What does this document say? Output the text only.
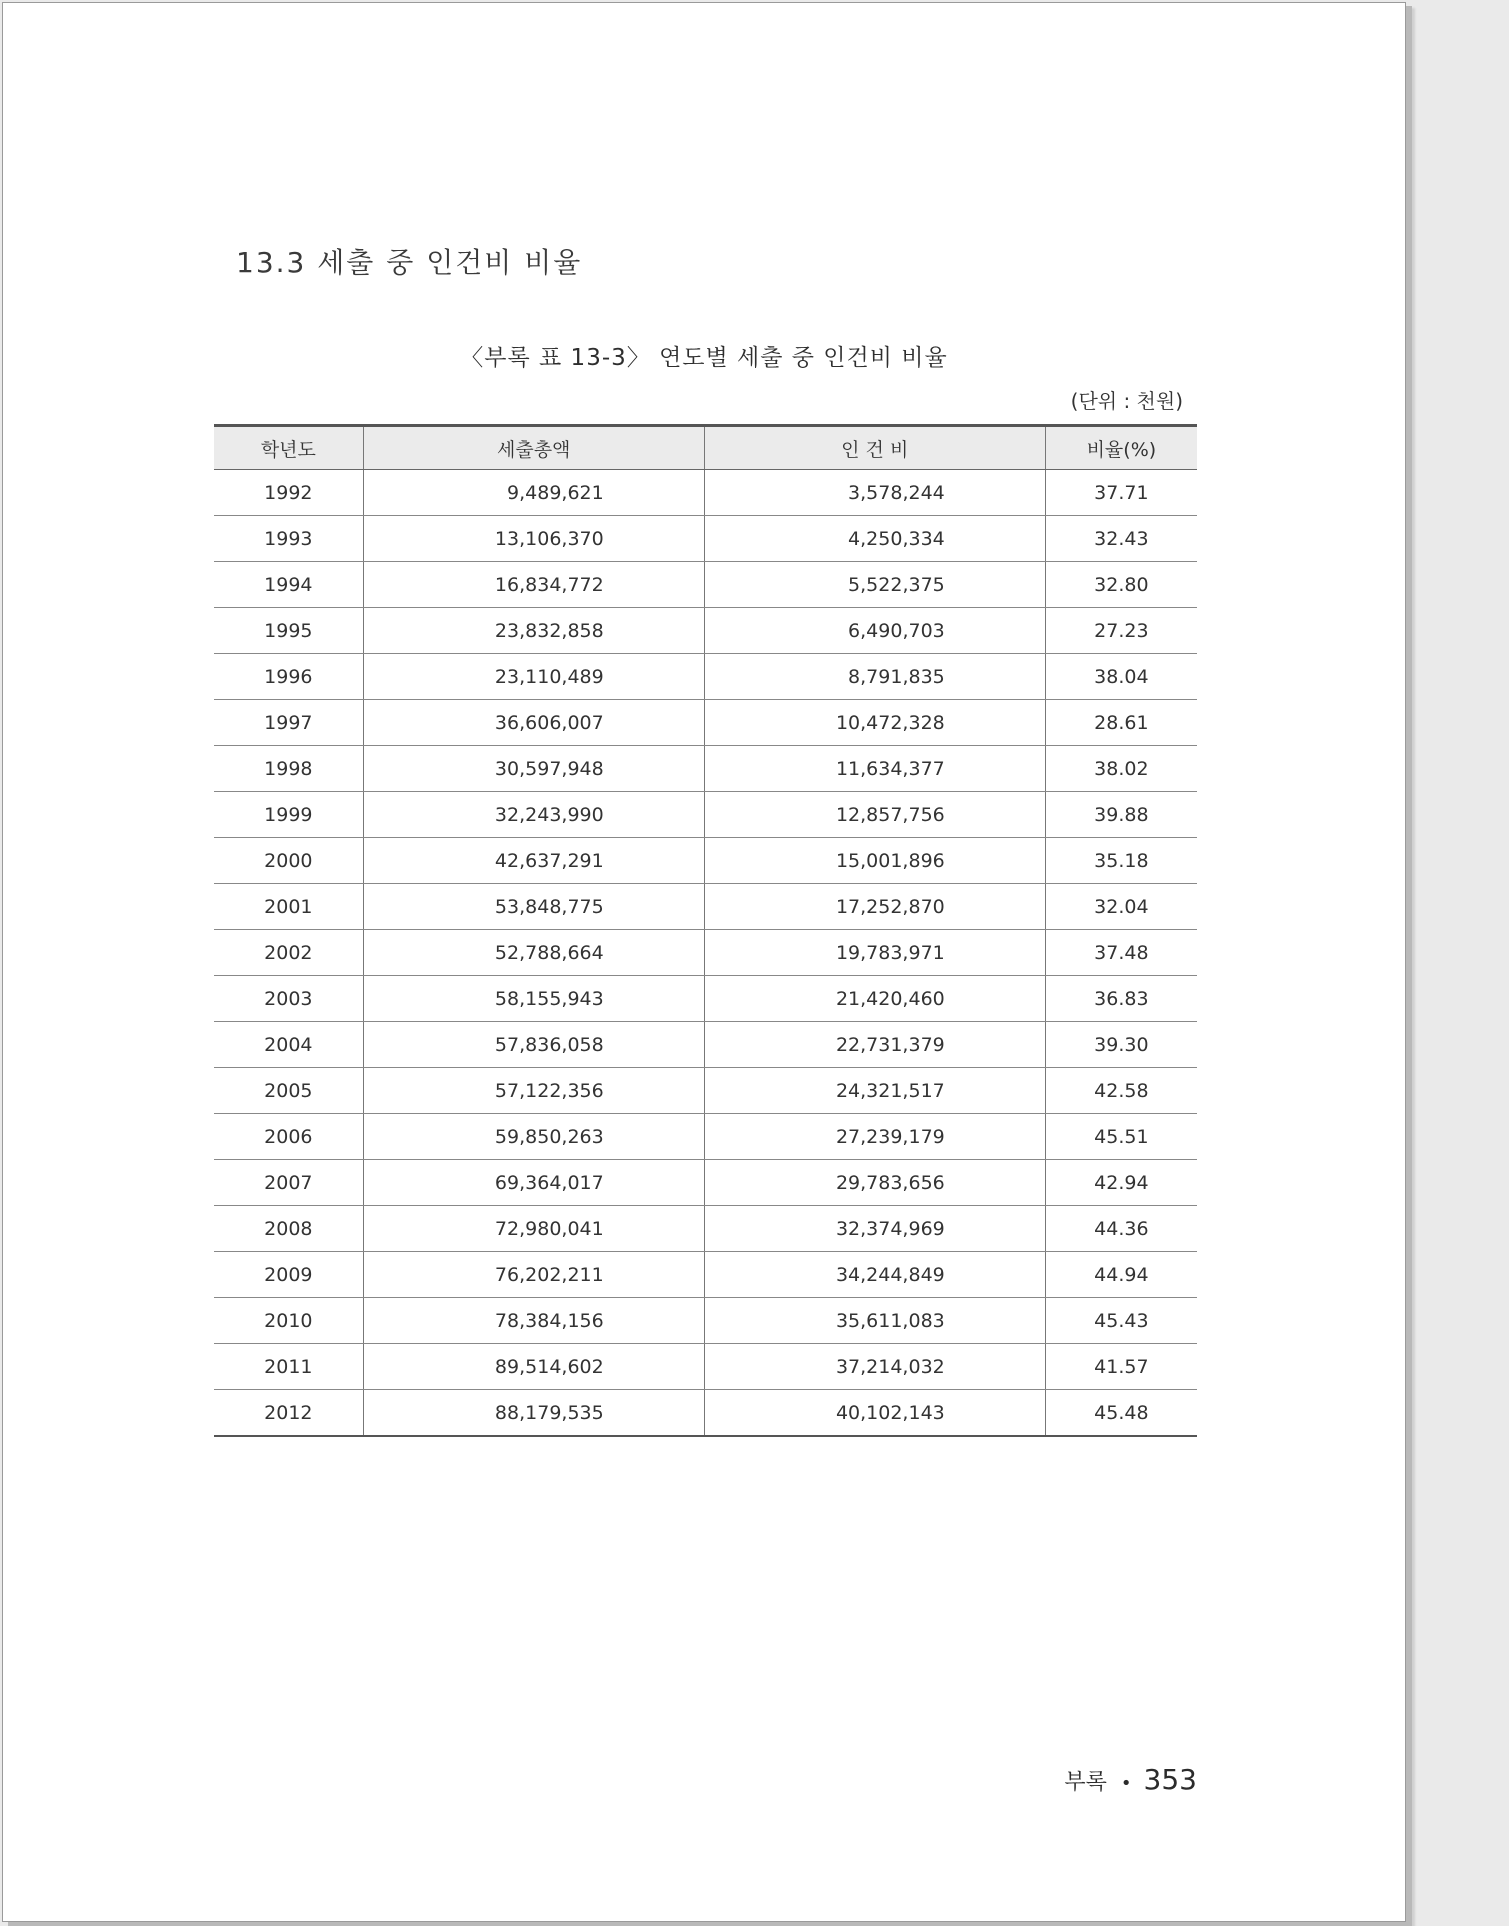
13.3 세출 중 인건비 비율
〈부록 표 13-3〉 연도별 세출 중 인건비 비율
(단위 : 천원)
학년도	세출총액	인 건 비	비율(%)
1992	9,489,621	3,578,244	37.71
1993	13,106,370	4,250,334	32.43
1994	16,834,772	5,522,375	32.80
1995	23,832,858	6,490,703	27.23
1996	23,110,489	8,791,835	38.04
1997	36,606,007	10,472,328	28.61
1998	30,597,948	11,634,377	38.02
1999	32,243,990	12,857,756	39.88
2000	42,637,291	15,001,896	35.18
2001	53,848,775	17,252,870	32.04
2002	52,788,664	19,783,971	37.48
2003	58,155,943	21,420,460	36.83
2004	57,836,058	22,731,379	39.30
2005	57,122,356	24,321,517	42.58
2006	59,850,263	27,239,179	45.51
2007	69,364,017	29,783,656	42.94
2008	72,980,041	32,374,969	44.36
2009	76,202,211	34,244,849	44.94
2010	78,384,156	35,611,083	45.43
2011	89,514,602	37,214,032	41.57
2012	88,179,535	40,102,143	45.48
부록 • 353
